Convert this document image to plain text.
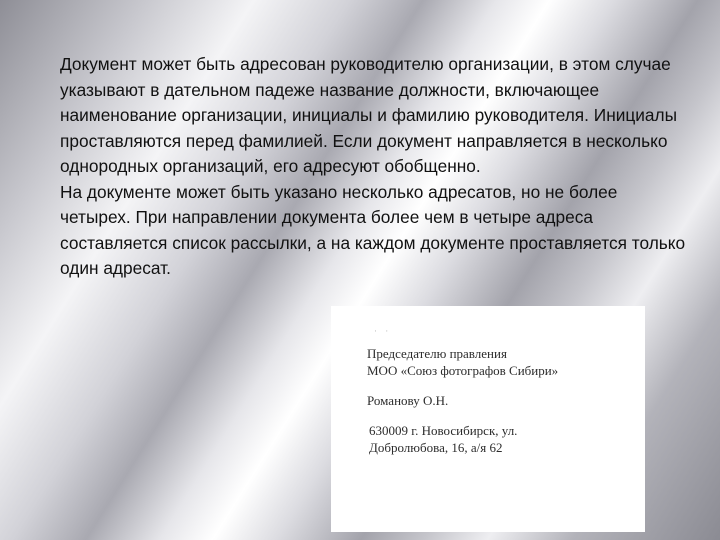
Документ может быть адресован руководителю организации, в этом случае указывают в дательном падеже название должности, включающее наименование организации, инициалы и фамилию руководителя. Инициалы проставляются перед фамилией. Если документ направляется в несколько однородных организаций, его адресуют обобщенно.

На документе может быть указано несколько адресатов, но не более четырех. При направлении документа более чем в четыре адреса составляется список рассылки, а на каждом документе проставляется только один адресат.

· ·
Председателю правления
МОО «Союз фотографов Сибири»
Романову О.Н.
630009 г. Новосибирск, ул.
Добролюбова, 16, а/я 62
